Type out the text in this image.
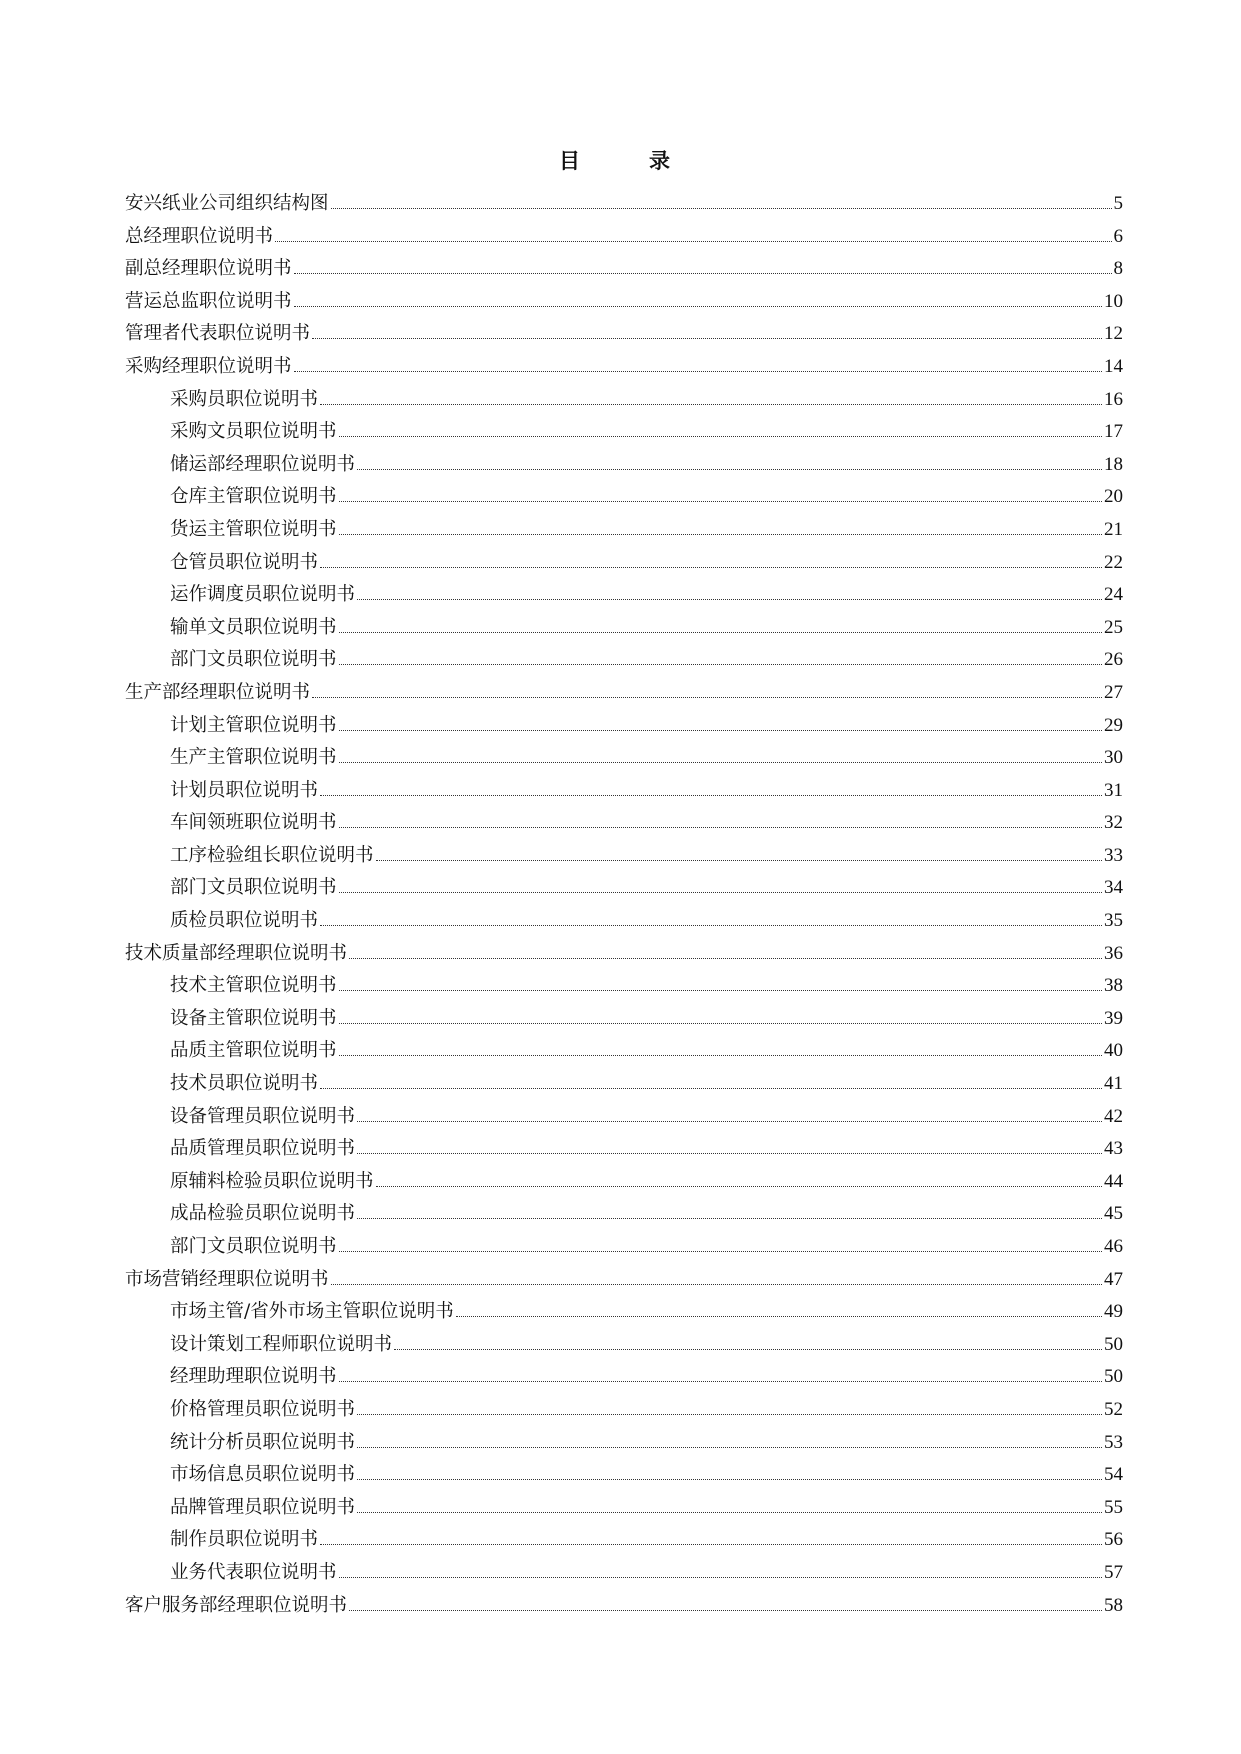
目　录
安兴纸业公司组织结构图	5
总经理职位说明书	6
副总经理职位说明书	8
营运总监职位说明书	10
管理者代表职位说明书	12
采购经理职位说明书	14
采购员职位说明书	16
采购文员职位说明书	17
储运部经理职位说明书	18
仓库主管职位说明书	20
货运主管职位说明书	21
仓管员职位说明书	22
运作调度员职位说明书	24
输单文员职位说明书	25
部门文员职位说明书	26
生产部经理职位说明书	27
计划主管职位说明书	29
生产主管职位说明书	30
计划员职位说明书	31
车间领班职位说明书	32
工序检验组长职位说明书	33
部门文员职位说明书	34
质检员职位说明书	35
技术质量部经理职位说明书	36
技术主管职位说明书	38
设备主管职位说明书	39
品质主管职位说明书	40
技术员职位说明书	41
设备管理员职位说明书	42
品质管理员职位说明书	43
原辅料检验员职位说明书	44
成品检验员职位说明书	45
部门文员职位说明书	46
市场营销经理职位说明书	47
市场主管/省外市场主管职位说明书	49
设计策划工程师职位说明书	50
经理助理职位说明书	50
价格管理员职位说明书	52
统计分析员职位说明书	53
市场信息员职位说明书	54
品牌管理员职位说明书	55
制作员职位说明书	56
业务代表职位说明书	57
客户服务部经理职位说明书	58
